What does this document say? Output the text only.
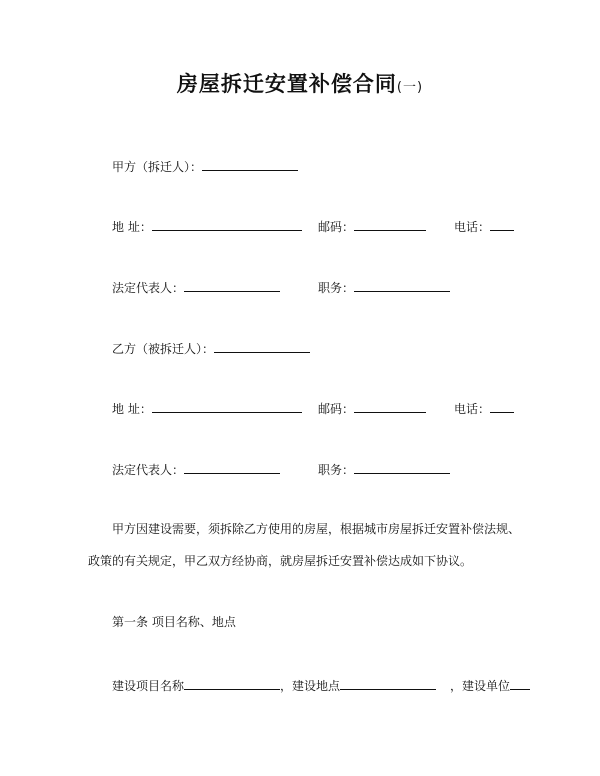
房屋拆迁安置补偿合同(一)
甲方（拆迁人）：
地 址：	邮码：	电话：
法定代表人：	职务：
乙方（被拆迁人）：
地 址：	邮码：	电话：
法定代表人：	职务：
甲方因建设需要，须拆除乙方使用的房屋，根据城市房屋拆迁安置补偿法规、
政策的有关规定，甲乙双方经协商，就房屋拆迁安置补偿达成如下协议。
第一条 项目名称、地点
建设项目名称	，建设地点	，建设单位
